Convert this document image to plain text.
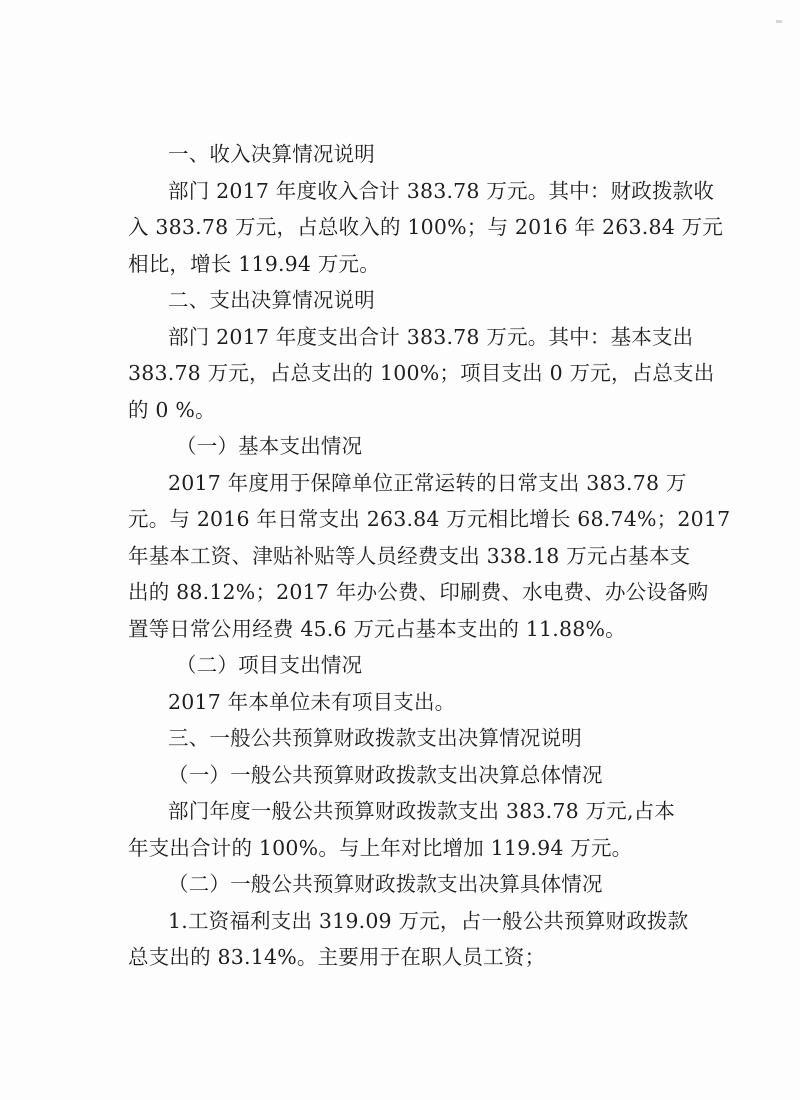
一、收入决算情况说明
部门 2017 年度收入合计 383.78 万元。其中：财政拨款收
入 383.78 万元，占总收入的 100%；与 2016 年 263.84 万元
相比，增长 119.94 万元。
二、支出决算情况说明
部门 2017 年度支出合计 383.78 万元。其中：基本支出
383.78 万元，占总支出的 100%；项目支出 0 万元，占总支出
的 0 %。
（一）基本支出情况
2017 年度用于保障单位正常运转的日常支出 383.78 万
元。与 2016 年日常支出 263.84 万元相比增长 68.74%；2017
年基本工资、津贴补贴等人员经费支出 338.18 万元占基本支
出的 88.12%；2017 年办公费、印刷费、水电费、办公设备购
置等日常公用经费 45.6 万元占基本支出的 11.88%。
（二）项目支出情况
2017 年本单位未有项目支出。
三、一般公共预算财政拨款支出决算情况说明
（一）一般公共预算财政拨款支出决算总体情况
部门年度一般公共预算财政拨款支出 383.78 万元,占本
年支出合计的 100%。与上年对比增加 119.94 万元。
（二）一般公共预算财政拨款支出决算具体情况
1.工资福利支出 319.09 万元，占一般公共预算财政拨款
总支出的 83.14%。主要用于在职人员工资；
